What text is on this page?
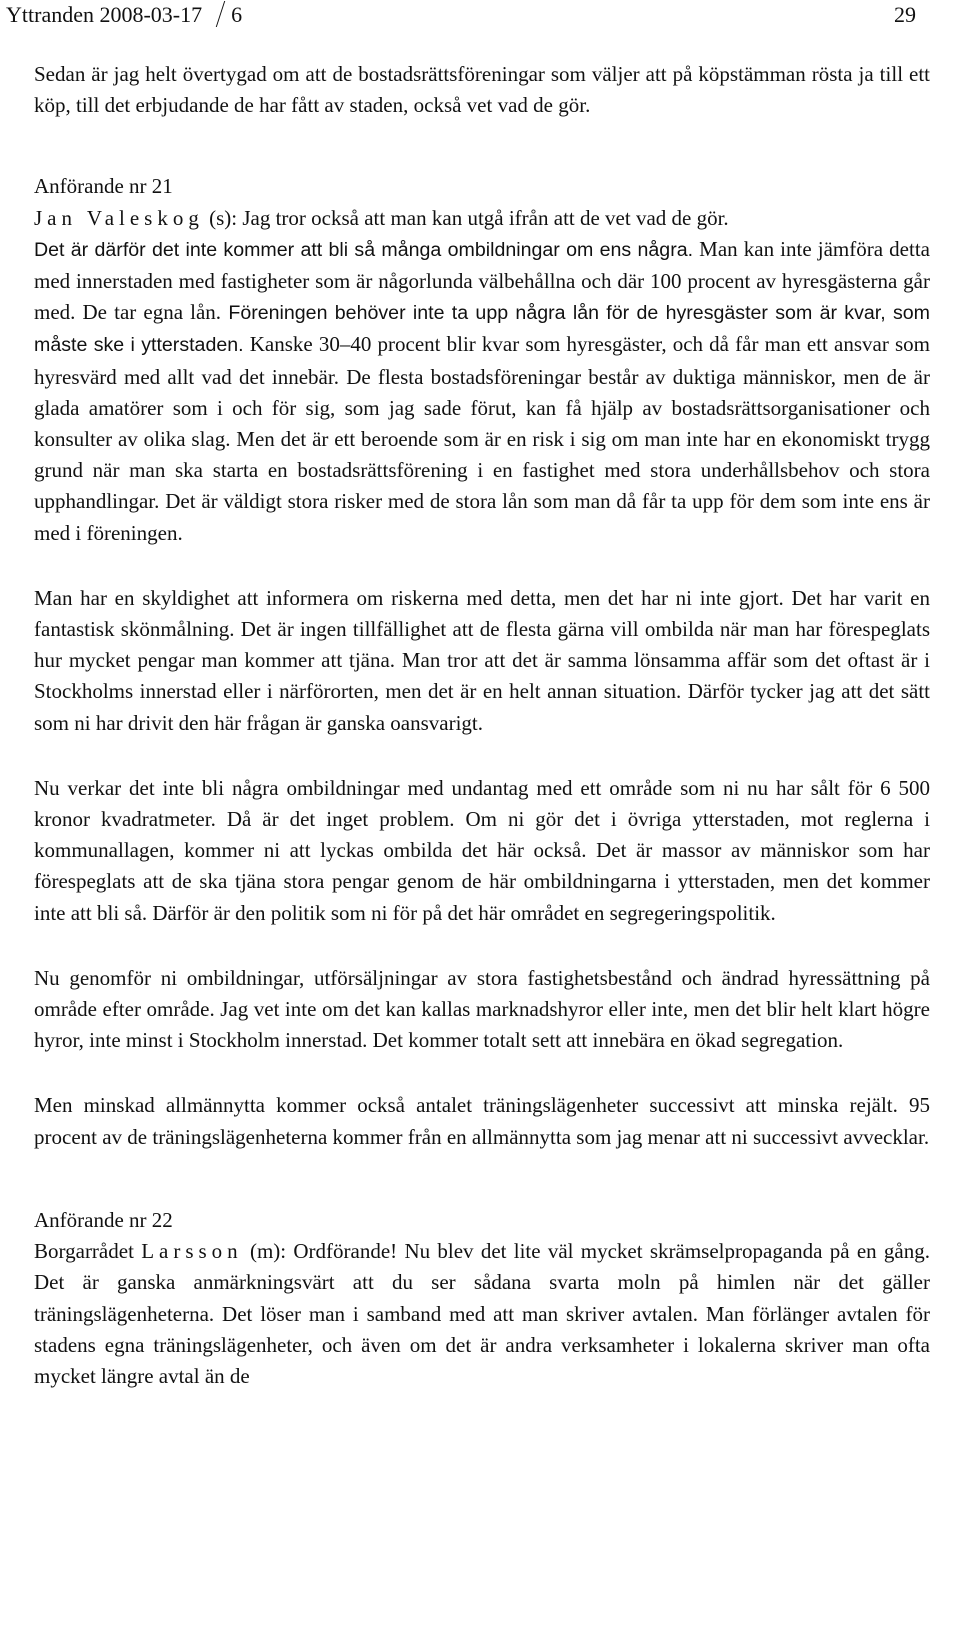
Yttranden 2008-03-17 6	29

Sedan är jag helt övertygad om att de bostadsrättsföreningar som väljer att på köpstämman rösta ja till ett köp, till det erbjudande de har fått av staden, också vet vad de gör.

Anförande nr 21

Jan Valeskog (s): Jag tror också att man kan utgå ifrån att de vet vad de gör.

Det är därför det inte kommer att bli så många ombildningar om ens några. Man kan inte jämföra detta med innerstaden med fastigheter som är någorlunda välbehållna och där 100 procent av hyresgästerna går med. De tar egna lån. Föreningen behöver inte ta upp några lån för de hyresgäster som är kvar, som måste ske i ytterstaden. Kanske 30–40 procent blir kvar som hyresgäster, och då får man ett ansvar som hyresvärd med allt vad det innebär. De flesta bostadsföreningar består av duktiga människor, men de är glada amatörer som i och för sig, som jag sade förut, kan få hjälp av bostadsrättsorganisationer och konsulter av olika slag. Men det är ett beroende som är en risk i sig om man inte har en ekonomiskt trygg grund när man ska starta en bostadsrättsförening i en fastighet med stora underhållsbehov och stora upphandlingar. Det är väldigt stora risker med de stora lån som man då får ta upp för dem som inte ens är med i föreningen.

Man har en skyldighet att informera om riskerna med detta, men det har ni inte gjort. Det har varit en fantastisk skönmålning. Det är ingen tillfällighet att de flesta gärna vill ombilda när man har förespeglats hur mycket pengar man kommer att tjäna. Man tror att det är samma lönsamma affär som det oftast är i Stockholms innerstad eller i närförorten, men det är en helt annan situation. Därför tycker jag att det sätt som ni har drivit den här frågan är ganska oansvarigt.

Nu verkar det inte bli några ombildningar med undantag med ett område som ni nu har sålt för 6 500 kronor kvadratmeter. Då är det inget problem. Om ni gör det i övriga ytterstaden, mot reglerna i kommunallagen, kommer ni att lyckas ombilda det här också. Det är massor av människor som har förespeglats att de ska tjäna stora pengar genom de här ombildningarna i ytterstaden, men det kommer inte att bli så. Därför är den politik som ni för på det här området en segregeringspolitik.

Nu genomför ni ombildningar, utförsäljningar av stora fastighetsbestånd och ändrad hyressättning på område efter område. Jag vet inte om det kan kallas marknadshyror eller inte, men det blir helt klart högre hyror, inte minst i Stockholm innerstad. Det kommer totalt sett att innebära en ökad segregation.

Men minskad allmännytta kommer också antalet träningslägenheter successivt att minska rejält. 95 procent av de träningslägenheterna kommer från en allmännytta som jag menar att ni successivt avvecklar.

Anförande nr 22

Borgarrådet Larsson (m): Ordförande! Nu blev det lite väl mycket skrämselpropaganda på en gång. Det är ganska anmärkningsvärt att du ser sådana svarta moln på himlen när det gäller träningslägenheterna. Det löser man i samband med att man skriver avtalen. Man förlänger avtalen för stadens egna träningslägenheter, och även om det är andra verksamheter i lokalerna skriver man ofta mycket längre avtal än de
